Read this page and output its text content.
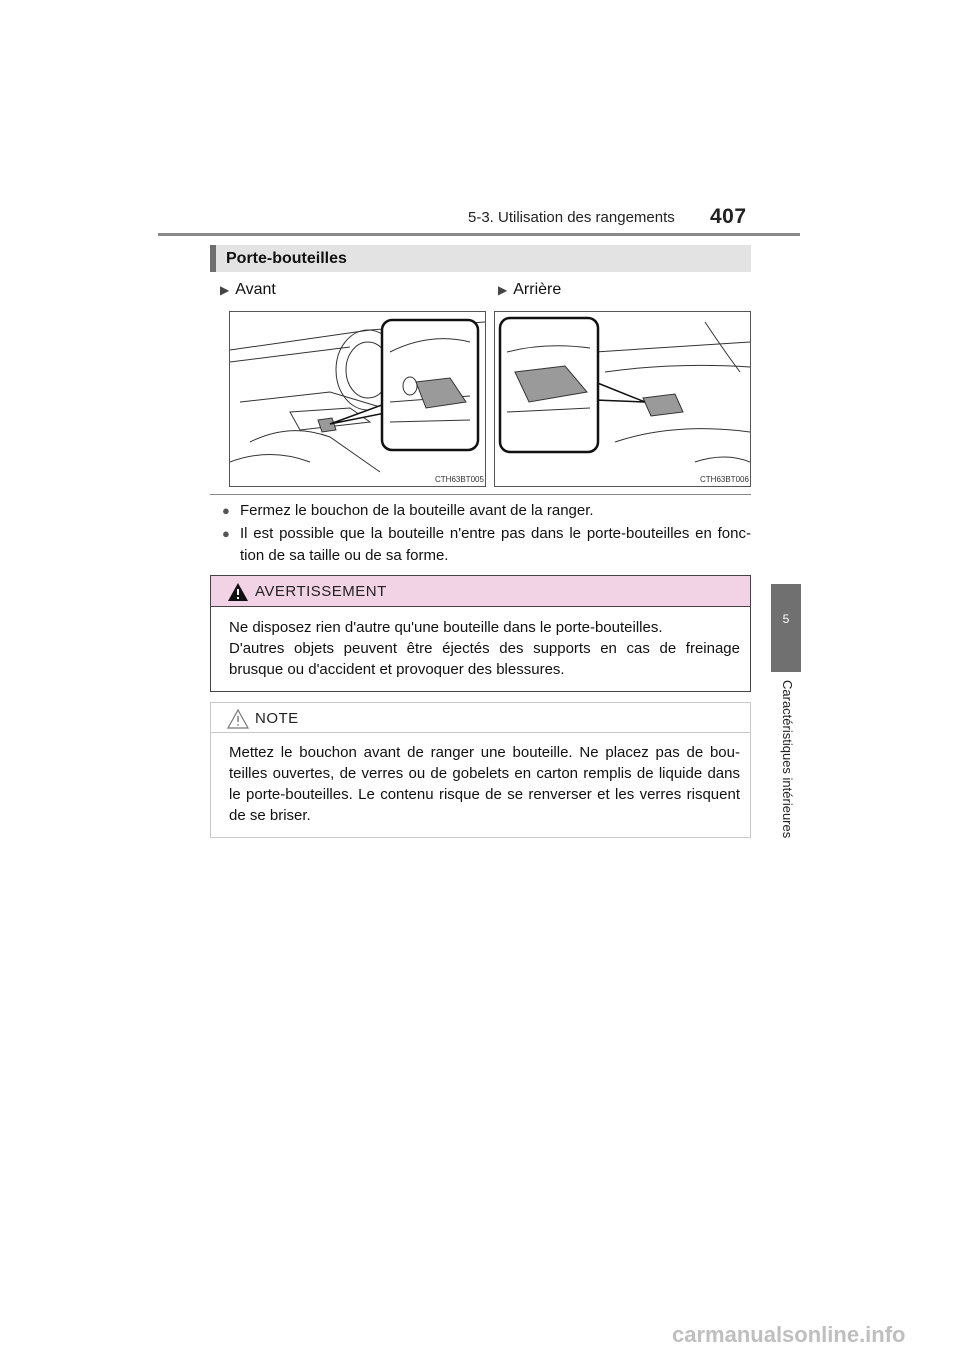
5-3. Utilisation des rangements 407
5
Caractéristiques intérieures
Porte-bouteilles
▶ Avant	▶ Arrière
CTH63BT005	CTH63BT006
● Fermez le bouchon de la bouteille avant de la ranger.
● Il est possible que la bouteille n'entre pas dans le porte-bouteilles en fonc-
tion de sa taille ou de sa forme.
AVERTISSEMENT
Ne disposez rien d'autre qu'une bouteille dans le porte-bouteilles.
D'autres objets peuvent être éjectés des supports en cas de freinage
brusque ou d'accident et provoquer des blessures.
NOTE
Mettez le bouchon avant de ranger une bouteille. Ne placez pas de bou-
teilles ouvertes, de verres ou de gobelets en carton remplis de liquide dans
le porte-bouteilles. Le contenu risque de se renverser et les verres risquent
de se briser.
carmanualsonline.info
